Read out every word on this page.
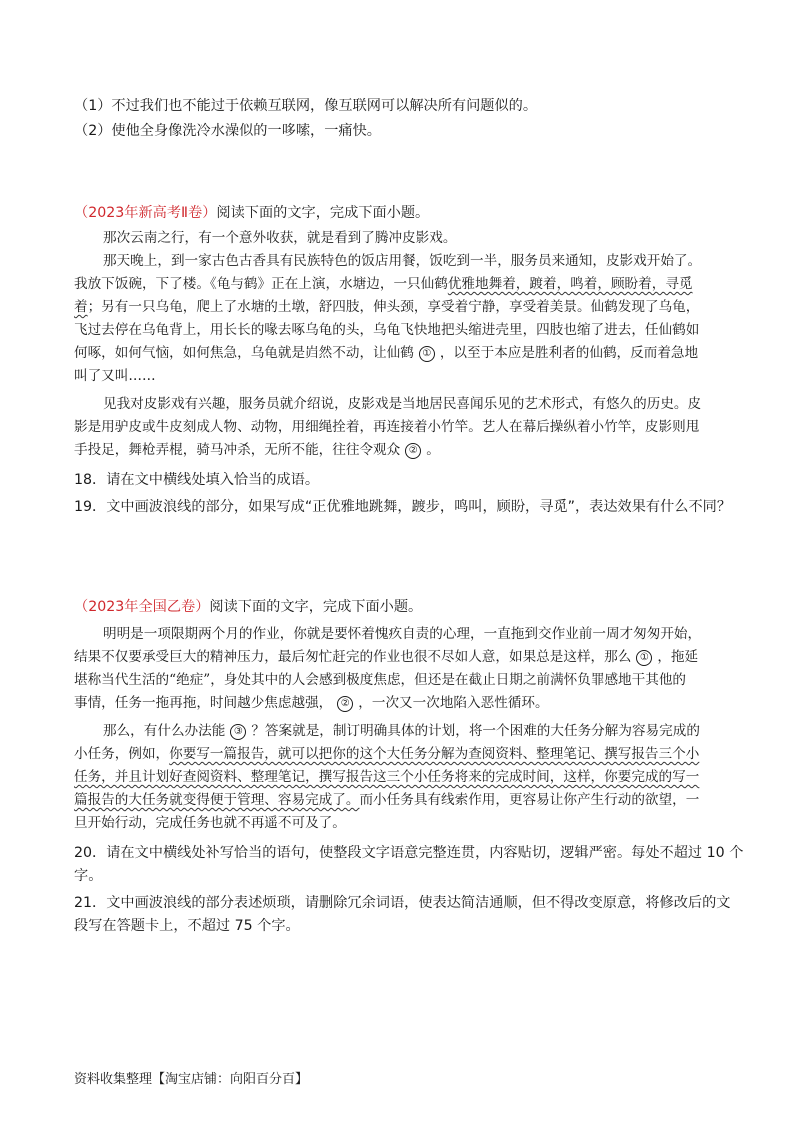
（1）不过我们也不能过于依赖互联网，像互联网可以解决所有问题似的。
（2）使他全身像洗冷水澡似的一哆嗦，一痛快。
（2023年新高考Ⅱ卷）阅读下面的文字，完成下面小题。
那次云南之行，有一个意外收获，就是看到了腾冲皮影戏。
那天晚上，到一家古色古香具有民族特色的饭店用餐，饭吃到一半，服务员来通知，皮影戏开始了。
我放下饭碗，下了楼。《龟与鹤》正在上演，水塘边，一只仙鹤优雅地舞着，踱着，鸣着，顾盼着，寻觅
着；另有一只乌龟，爬上了水塘的土墩，舒四肢，伸头颈，享受着宁静，享受着美景。仙鹤发现了乌龟，
飞过去停在乌龟背上，用长长的喙去啄乌龟的头，乌龟飞快地把头缩进壳里，四肢也缩了进去，任仙鹤如
何啄，如何气恼，如何焦急，乌龟就是岿然不动，让仙鹤 ① ，以至于本应是胜利者的仙鹤，反而着急地
叫了又叫……
见我对皮影戏有兴趣，服务员就介绍说，皮影戏是当地居民喜闻乐见的艺术形式，有悠久的历史。皮
影是用驴皮或牛皮刻成人物、动物，用细绳拴着，再连接着小竹竿。艺人在幕后操纵着小竹竿，皮影则甩
手投足，舞枪弄棍，骑马冲杀，无所不能，往往令观众 ② 。
18．请在文中横线处填入恰当的成语。
19．文中画波浪线的部分，如果写成“正优雅地跳舞，踱步，鸣叫，顾盼，寻觅”，表达效果有什么不同？
（2023年全国乙卷）阅读下面的文字，完成下面小题。
明明是一项限期两个月的作业，你就是要怀着愧疚自责的心理，一直拖到交作业前一周才匆匆开始，
结果不仅要承受巨大的精神压力，最后匆忙赶完的作业也很不尽如人意，如果总是这样，那么 ① ，拖延
堪称当代生活的“绝症”，身处其中的人会感到极度焦虑，但还是在截止日期之前满怀负罪感地干其他的
事情，任务一拖再拖，时间越少焦虑越强， ② ，一次又一次地陷入恶性循环。
那么，有什么办法能 ③ ？答案就是，制订明确具体的计划，将一个困难的大任务分解为容易完成的
小任务，例如，你要写一篇报告，就可以把你的这个大任务分解为查阅资料、整理笔记、撰写报告三个小
任务，并且计划好查阅资料、整理笔记，撰写报告这三个小任务将来的完成时间，这样，你要完成的写一
篇报告的大任务就变得便于管理、容易完成了。而小任务具有线索作用，更容易让你产生行动的欲望，一
旦开始行动，完成任务也就不再遥不可及了。
20．请在文中横线处补写恰当的语句，使整段文字语意完整连贯，内容贴切，逻辑严密。每处不超过 10 个
字。
21．文中画波浪线的部分表述烦琐，请删除冗余词语，使表达简洁通顺，但不得改变原意，将修改后的文
段写在答题卡上，不超过 75 个字。
资料收集整理【淘宝店铺：向阳百分百】
